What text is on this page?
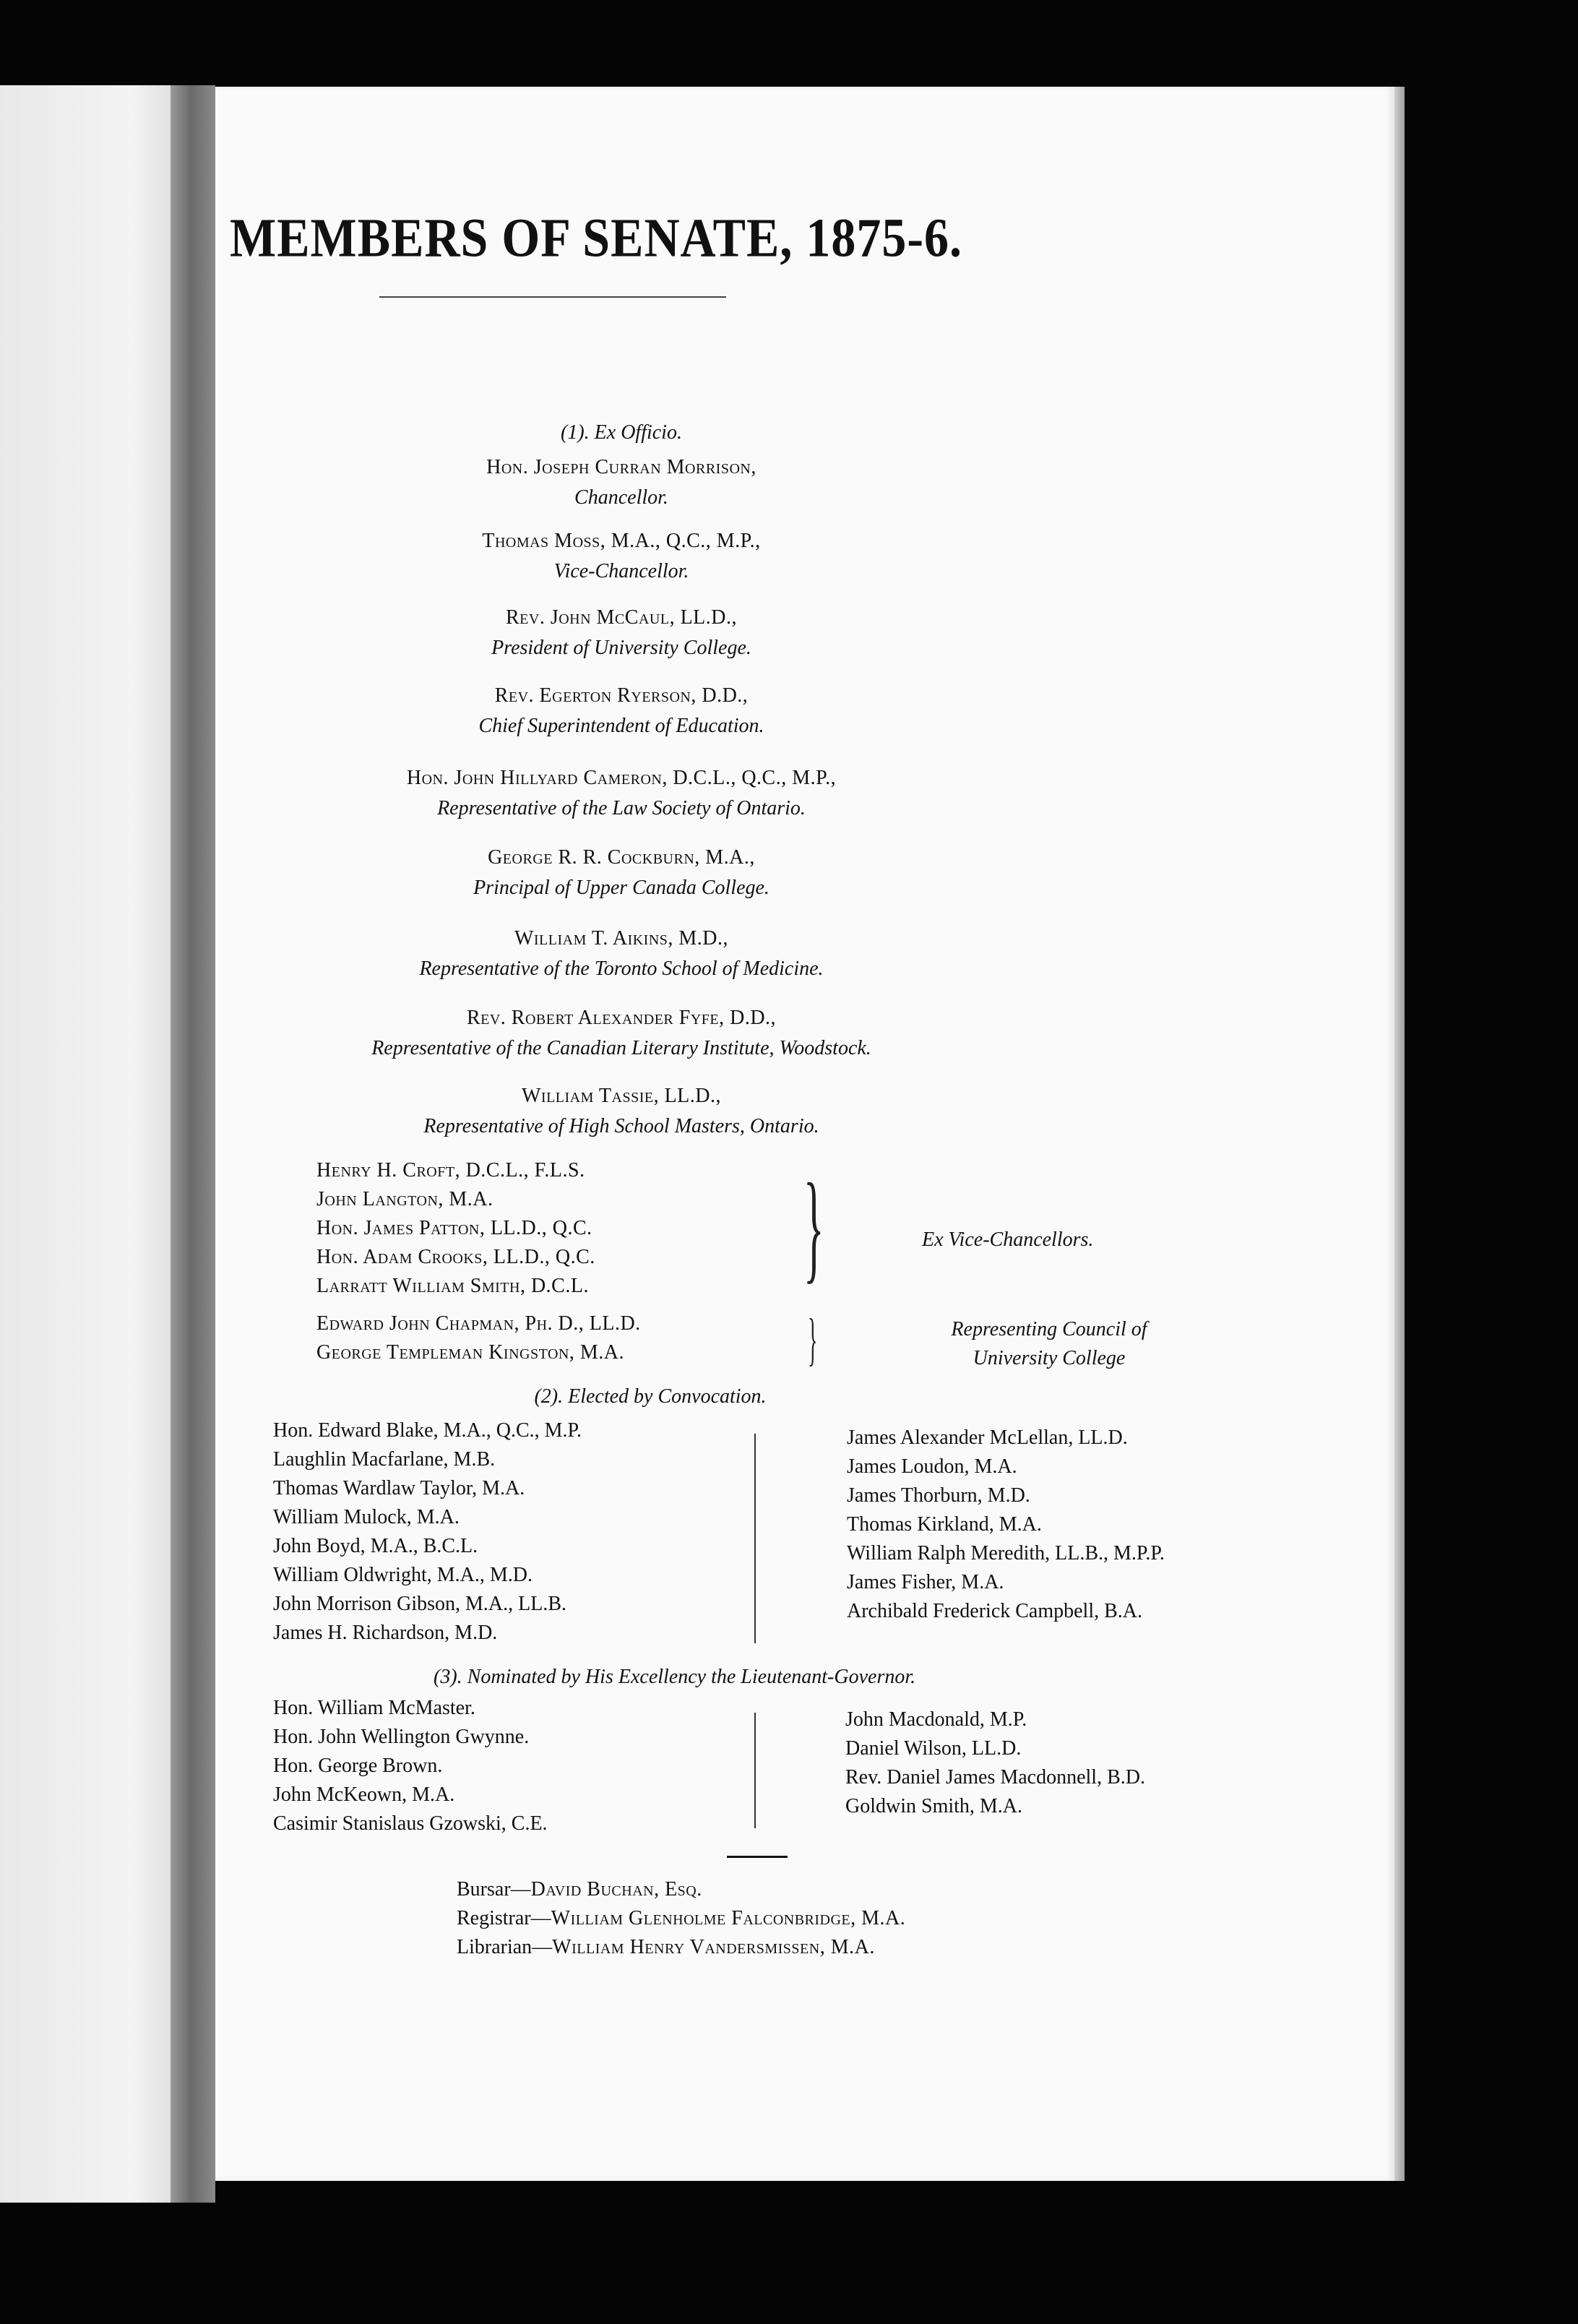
MEMBERS OF SENATE, 1875-6.
(1). Ex Officio.
Hon. Joseph Curran Morrison,
Chancellor.
Thomas Moss, M.A., Q.C., M.P.,
Vice-Chancellor.
Rev. John McCaul, LL.D.,
President of University College.
Rev. Egerton Ryerson, D.D.,
Chief Superintendent of Education.
Hon. John Hillyard Cameron, D.C.L., Q.C., M.P.,
Representative of the Law Society of Ontario.
George R. R. Cockburn, M.A.,
Principal of Upper Canada College.
William T. Aikins, M.D.,
Representative of the Toronto School of Medicine.
Rev. Robert Alexander Fyfe, D.D.,
Representative of the Canadian Literary Institute, Woodstock.
William Tassie, LL.D.,
Representative of High School Masters, Ontario.
Henry H. Croft, D.C.L., F.L.S.
John Langton, M.A.
Hon. James Patton, LL.D., Q.C.
Hon. Adam Crooks, LL.D., Q.C.
Larratt William Smith, D.C.L. }	Ex Vice-Chancellors.
Edward John Chapman, Ph. D., LL.D.
George Templeman Kingston, M.A.	}	Representing Council of
University College
(2). Elected by Convocation.
Hon. Edward Blake, M.A., Q.C., M.P.
Laughlin Macfarlane, M.B.
Thomas Wardlaw Taylor, M.A.
William Mulock, M.A.
John Boyd, M.A., B.C.L.
William Oldwright, M.A., M.D.
John Morrison Gibson, M.A., LL.B.
James H. Richardson, M.D.
James Alexander McLellan, LL.D.
James Loudon, M.A.
James Thorburn, M.D.
Thomas Kirkland, M.A.
William Ralph Meredith, LL.B., M.P.P.
James Fisher, M.A.
Archibald Frederick Campbell, B.A.
(3). Nominated by His Excellency the Lieutenant-Governor.
Hon. William McMaster.
Hon. John Wellington Gwynne.
Hon. George Brown.
John McKeown, M.A.
Casimir Stanislaus Gzowski, C.E.
John Macdonald, M.P.
Daniel Wilson, LL.D.
Rev. Daniel James Macdonnell, B.D.
Goldwin Smith, M.A.
Bursar—David Buchan, Esq.
Registrar—William Glenholme Falconbridge, M.A.
Librarian—William Henry Vandersmissen, M.A.
